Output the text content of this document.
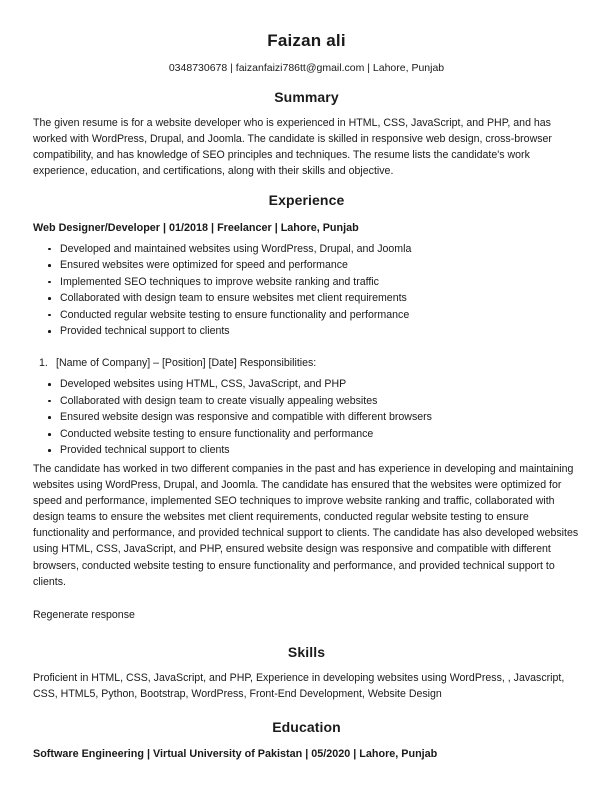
Faizan ali
0348730678 | faizanfaizi786tt@gmail.com | Lahore, Punjab
Summary
The given resume is for a website developer who is experienced in HTML, CSS, JavaScript, and PHP, and has worked with WordPress, Drupal, and Joomla. The candidate is skilled in responsive web design, cross-browser compatibility, and has knowledge of SEO principles and techniques. The resume lists the candidate's work experience, education, and certifications, along with their skills and objective.
Experience
Web Designer/Developer | 01/2018 | Freelancer | Lahore, Punjab
Developed and maintained websites using WordPress, Drupal, and Joomla
Ensured websites were optimized for speed and performance
Implemented SEO techniques to improve website ranking and traffic
Collaborated with design team to ensure websites met client requirements
Conducted regular website testing to ensure functionality and performance
Provided technical support to clients
1. [Name of Company] – [Position] [Date] Responsibilities:
Developed websites using HTML, CSS, JavaScript, and PHP
Collaborated with design team to create visually appealing websites
Ensured website design was responsive and compatible with different browsers
Conducted website testing to ensure functionality and performance
Provided technical support to clients
The candidate has worked in two different companies in the past and has experience in developing and maintaining websites using WordPress, Drupal, and Joomla. The candidate has ensured that the websites were optimized for speed and performance, implemented SEO techniques to improve website ranking and traffic, collaborated with design teams to ensure the websites met client requirements, conducted regular website testing to ensure functionality and performance, and provided technical support to clients. The candidate has also developed websites using HTML, CSS, JavaScript, and PHP, ensured website design was responsive and compatible with different browsers, conducted website testing to ensure functionality and performance, and provided technical support to clients.
Regenerate response
Skills
Proficient in HTML, CSS, JavaScript, and PHP, Experience in developing websites using WordPress, , Javascript, CSS, HTML5, Python, Bootstrap, WordPress, Front-End Development, Website Design
Education
Software Engineering | Virtual University of Pakistan | 05/2020 | Lahore, Punjab
